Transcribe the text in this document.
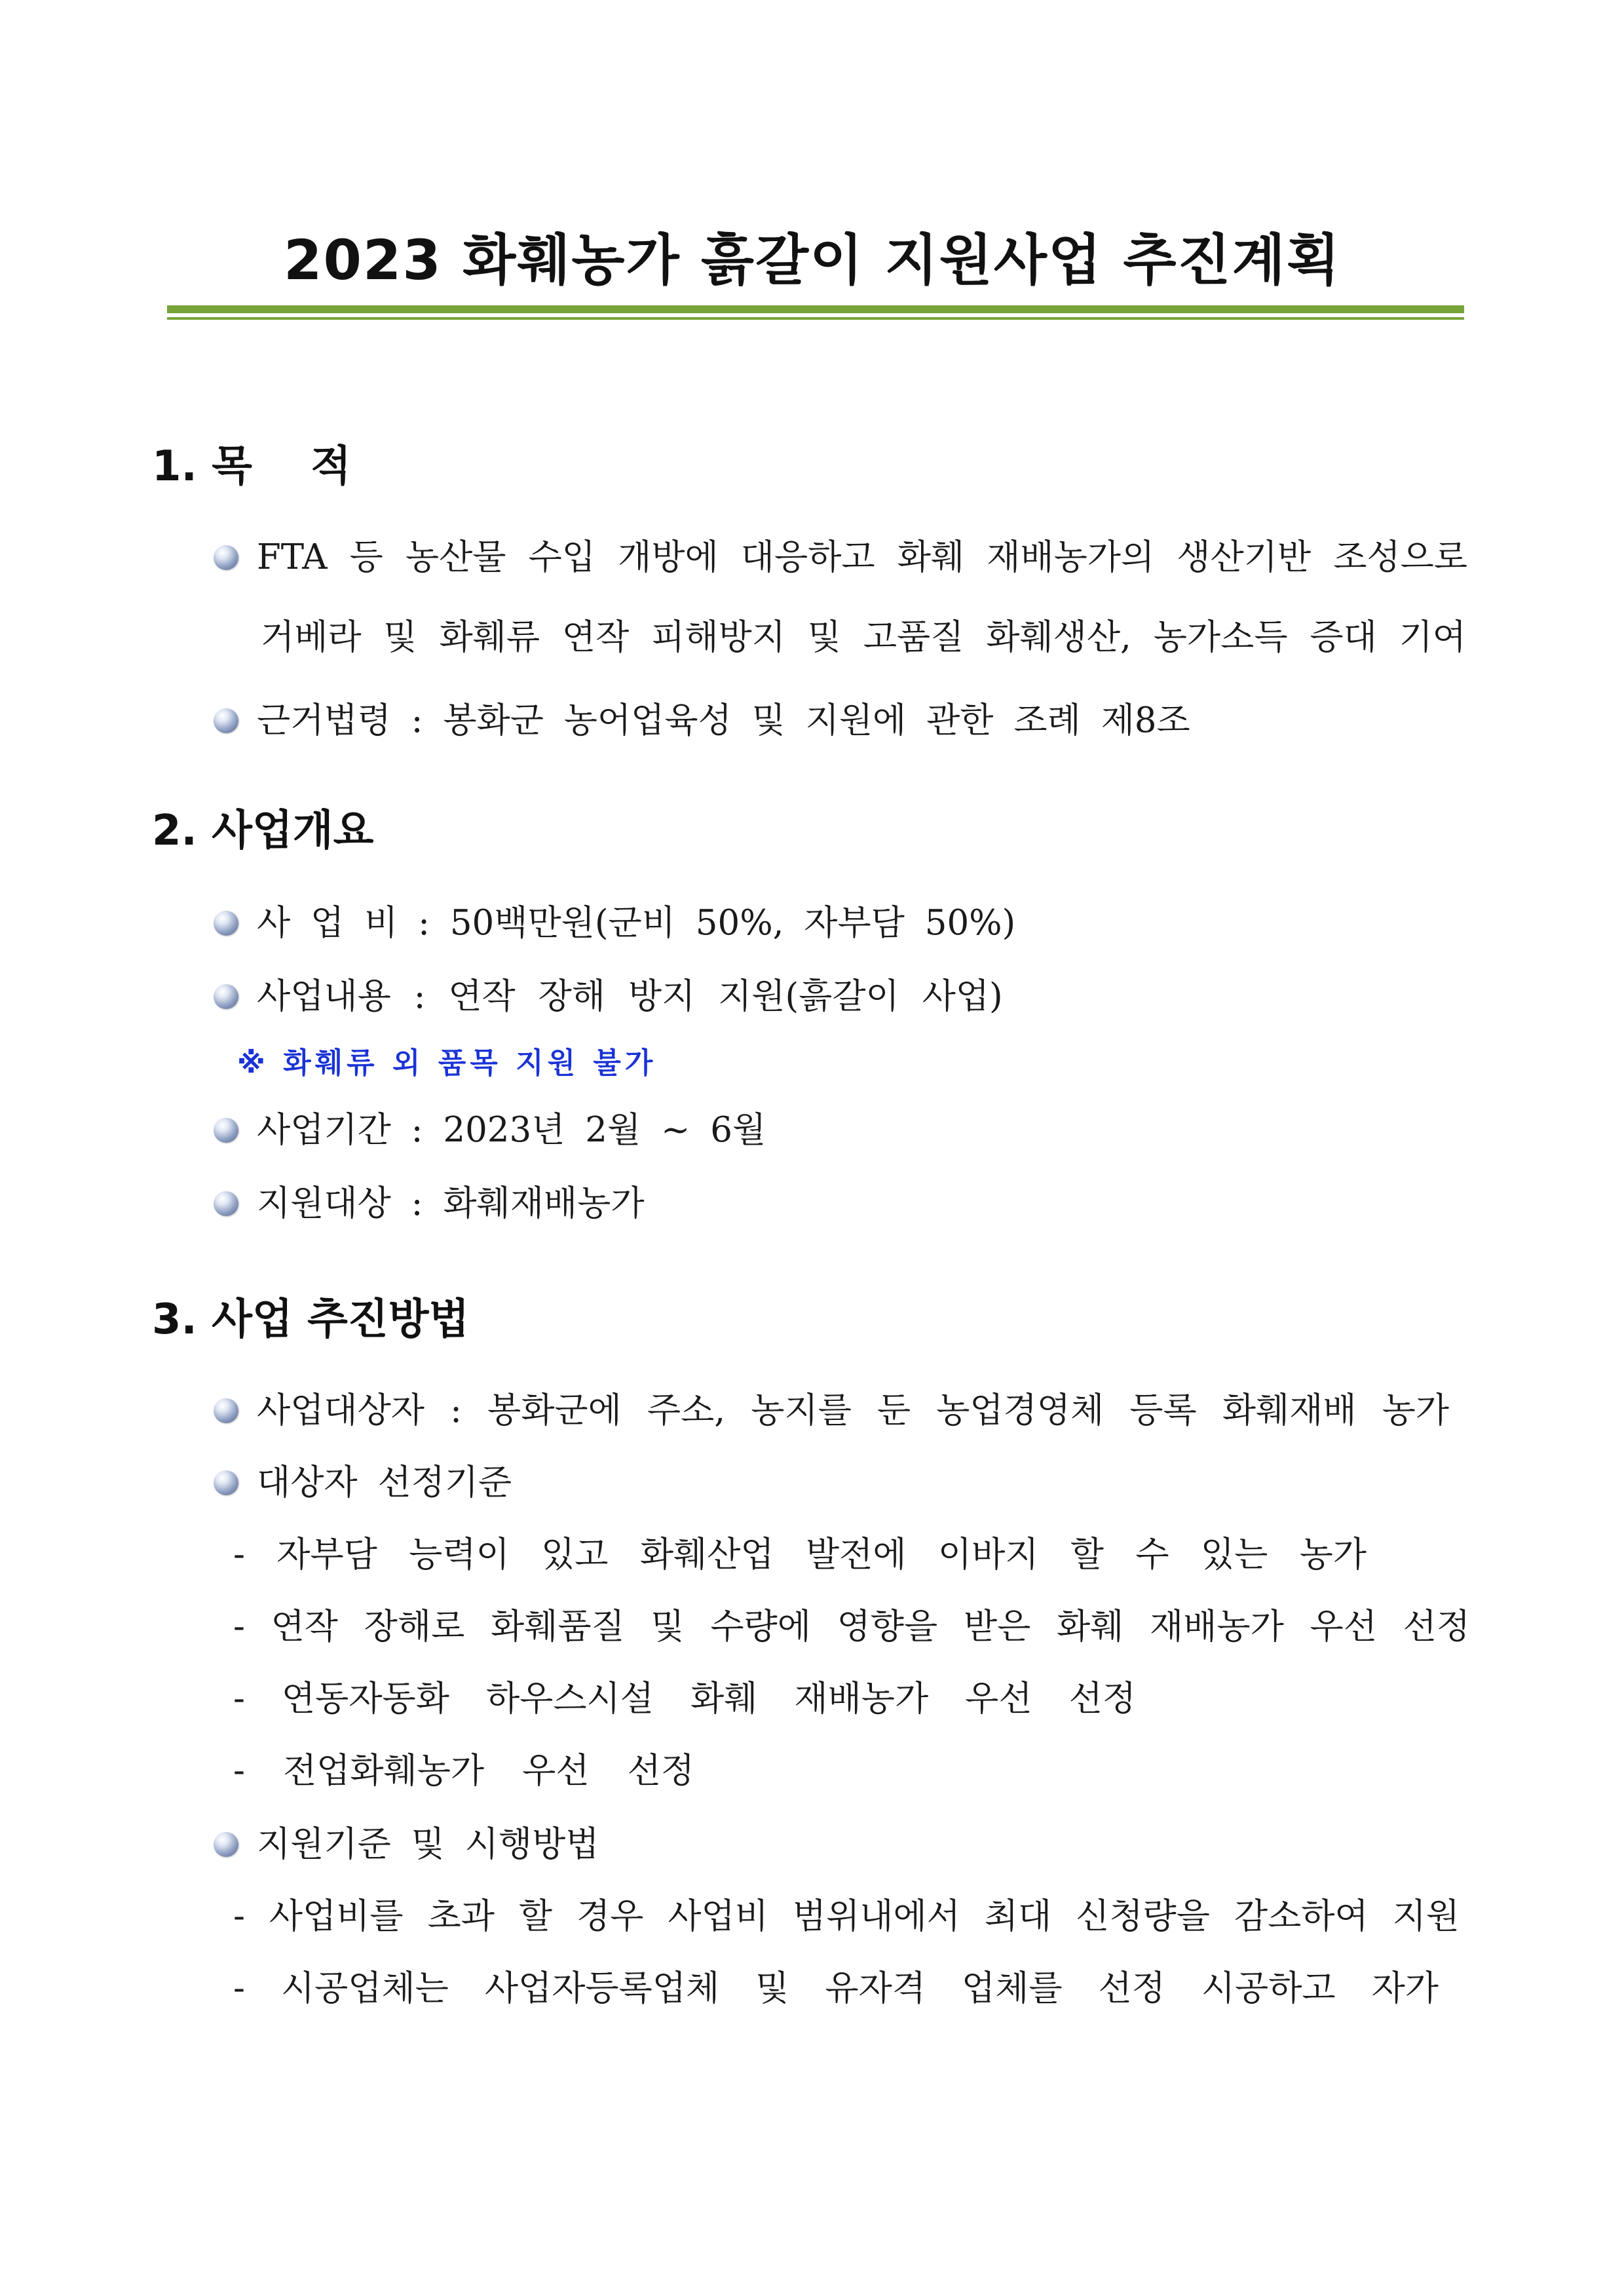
2023 화훼농가 흙갈이 지원사업 추진계획
1. 목    적
FTA 등 농산물 수입 개방에 대응하고 화훼 재배농가의 생산기반 조성으로
거베라 및 화훼류 연작 피해방지 및 고품질 화훼생산, 농가소득 증대 기여
근거법령 : 봉화군 농어업육성 및 지원에 관한 조례 제8조
2. 사업개요
사 업 비 : 50백만원(군비 50%, 자부담 50%)
사업내용 : 연작 장해 방지 지원(흙갈이 사업)
※ 화훼류 외 품목 지원 불가
사업기간 : 2023년 2월 ~ 6월
지원대상 : 화훼재배농가
3. 사업 추진방법
사업대상자 : 봉화군에 주소, 농지를 둔 농업경영체 등록 화훼재배 농가
대상자 선정기준
- 자부담 능력이 있고 화훼산업 발전에 이바지 할 수 있는 농가
- 연작 장해로 화훼품질 및 수량에 영향을 받은 화훼 재배농가 우선 선정
- 연동자동화 하우스시설 화훼 재배농가 우선 선정
- 전업화훼농가 우선 선정
지원기준 및 시행방법
- 사업비를 초과 할 경우 사업비 범위내에서 최대 신청량을 감소하여 지원
- 시공업체는 사업자등록업체 및 유자격 업체를 선정 시공하고 자가
